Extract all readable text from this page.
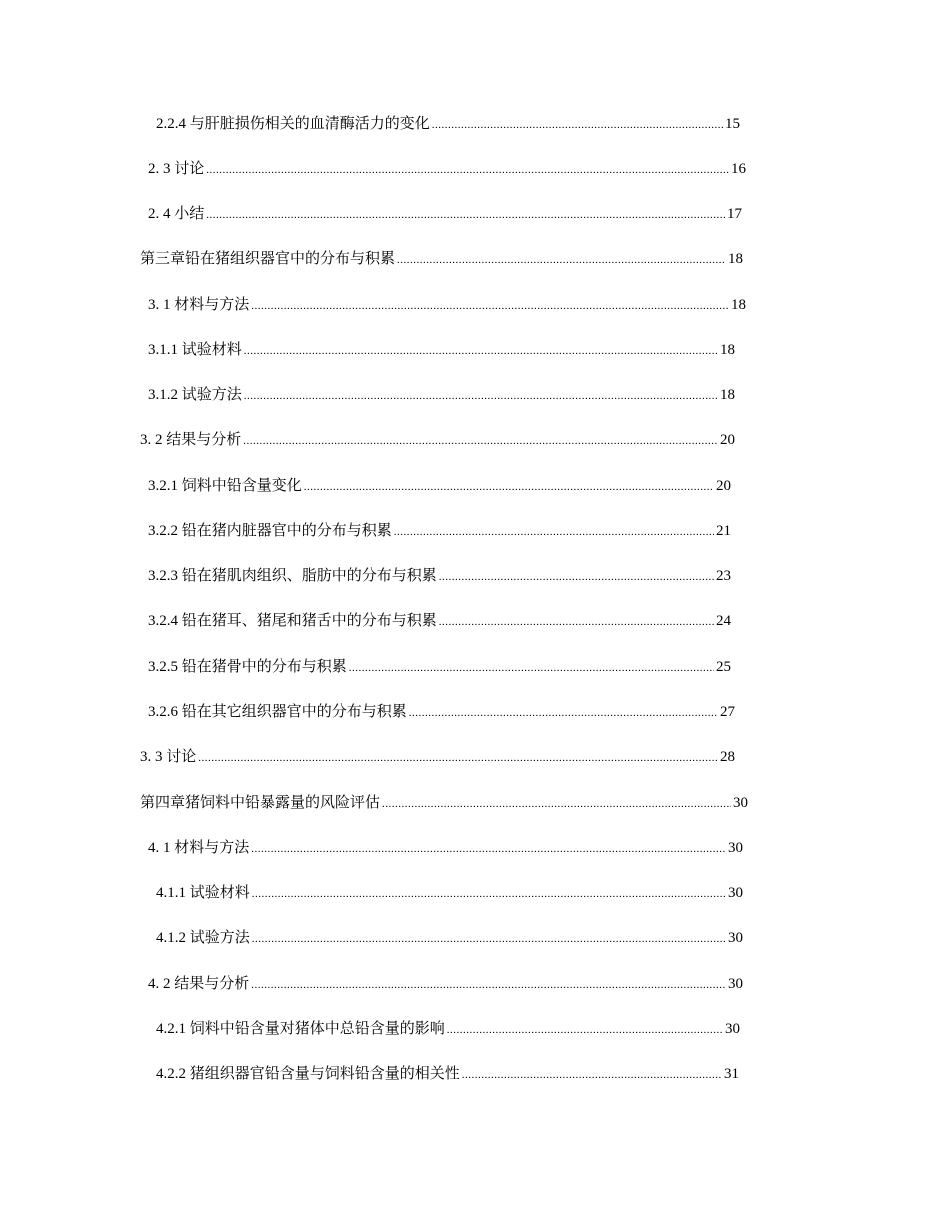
2.2.4 与肝脏损伤相关的血清酶活力的变化 .....	15
2. 3 讨论 .....	16
2. 4 小结 .....	17
第三章铅在猪组织器官中的分布与积累 .....	18
3. 1 材料与方法 .....	18
3.1.1 试验材料 .....	18
3.1.2 试验方法 .....	18
3. 2 结果与分析 .....	20
3.2.1 饲料中铅含量变化 .....	20
3.2.2 铅在猪内脏器官中的分布与积累 .....	21
3.2.3 铅在猪肌肉组织、脂肪中的分布与积累 .....	23
3.2.4 铅在猪耳、猪尾和猪舌中的分布与积累 .....	24
3.2.5 铅在猪骨中的分布与积累 .....	25
3.2.6 铅在其它组织器官中的分布与积累 .....	27
3. 3 讨论 .....	28
第四章猪饲料中铅暴露量的风险评估 .....	30
4. 1 材料与方法 .....	30
4.1.1 试验材料 .....	30
4.1.2 试验方法 .....	30
4. 2 结果与分析 .....	30
4.2.1 饲料中铅含量对猪体中总铅含量的影响 .....	30
4.2.2 猪组织器官铅含量与饲料铅含量的相关性 .....	31
